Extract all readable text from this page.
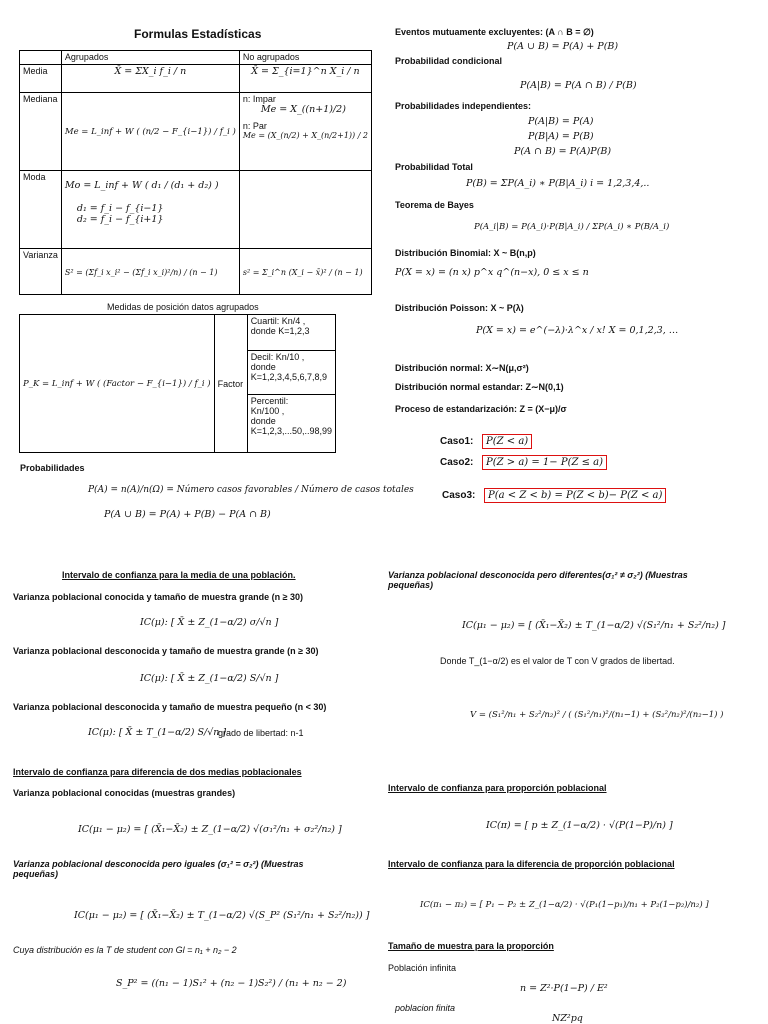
Formulas Estadísticas
	Agrupados	No agrupados
Media	X̄ = ΣX_i f_i / n	X̄ = Σ_{i=1}^n X_i / n
Mediana	Me = L_inf + W ( (n/2 − F_{i−1}) / f_i )	n: Impar
Me = X_((n+1)/2)
n: Par
Me = (X_(n/2) + X_(n/2+1)) / 2

Moda	Mo = L_inf + W ( d₁ / (d₁ + d₂) )
d₁ = f_i − f_{i−1}
d₂ = f_i − f_{i+1}	

Varianza	S² = (Σf_i x_i² − (Σf_i x_i)²/n) / (n − 1)	s² = Σ_i^n (X_i − x̄)² / (n − 1)
Medidas de posición datos agrupados
P_K = L_inf + W ( (Factor − F_{i−1}) / f_i )	Factor	
Cuartil: Kn/4 ,
donde K=1,2,3

Decil: Kn/10 ,
donde
K=1,2,3,4,5,6,7,8,9

Percentil:
Kn/100 ,
donde
K=1,2,3,...50,..98,99
Probabilidades
P(A) = n(A)/n(Ω) = Número casos favorables / Número de casos totales
P(A ∪ B) = P(A) + P(B) − P(A ∩ B)
Eventos mutuamente excluyentes: (A ∩ B = ∅)
P(A ∪ B) = P(A) + P(B)
Probabilidad condicional
P(A|B) = P(A ∩ B) / P(B)
Probabilidades independientes:
P(A|B) = P(A)
P(B|A) = P(B)
P(A ∩ B) = P(A)P(B)
Probabilidad Total
P(B) = ΣP(A_i) ∗ P(B|A_i) i = 1,2,3,4,..
Teorema de Bayes
P(A_i|B) = P(A_i)·P(B|A_i) / ΣP(A_i) ∗ P(B/A_i)
Distribución Binomial: X ~ B(n,p)
P(X = x) = (n x) p^x q^(n−x), 0 ≤ x ≤ n
Distribución Poisson: X ~ P(λ)
P(X = x) = e^(−λ)·λ^x / x! X = 0,1,2,3, …
Distribución normal: X∼N(μ,σ²)
Distribución normal estandar: Z∼N(0,1)
Proceso de estandarización: Z = (X−μ)/σ
Caso1:	P(Z < a)
Caso2:	P(Z > a) = 1− P(Z ≤ a)
Caso3:	P(a < Z < b) = P(Z < b)− P(Z < a)
Intervalo de confianza para la media de una población.
Varianza poblacional conocida y tamaño de muestra grande (n ≥ 30)
IC(μ): [ X̄ ± Z_(1−α/2) σ/√n ]
Varianza poblacional desconocida y tamaño de muestra grande (n ≥ 30)
IC(μ): [ X̄ ± Z_(1−α/2) S/√n ]
Varianza poblacional desconocida y tamaño de muestra pequeño (n < 30)
IC(μ): [ X̄ ± T_(1−α/2) S/√n ]
grado de libertad: n-1
Intervalo de confianza para diferencia de dos medias poblacionales
Varianza poblacional conocidas (muestras grandes)
IC(μ₁ − μ₂) = [ (X̄₁−X̄₂) ± Z_(1−α/2) √(σ₁²/n₁ + σ₂²/n₂) ]
Varianza poblacional desconocida pero iguales (σ₁² = σ₂²) (Muestras pequeñas)
IC(μ₁ − μ₂) = [ (X̄₁−X̄₂) ± T_(1−α/2) √(S_P² (S₁²/n₁ + S₂²/n₂)) ]
Cuya distribución es la T de student con Gl = n₁ + n₂ − 2
S_P² = ((n₁ − 1)S₁² + (n₂ − 1)S₂²) / (n₁ + n₂ − 2)
Varianza poblacional desconocida pero diferentes(σ₁² ≠ σ₂²) (Muestras pequeñas)
IC(μ₁ − μ₂) = [ (X̄₁−X̄₂) ± T_(1−α/2) √(S₁²/n₁ + S₂²/n₂) ]
Donde T_(1−α/2) es el valor de T con V grados de libertad.
V = (S₁²/n₁ + S₂²/n₂)² / ( (S₁²/n₁)²/(n₁−1) + (S₂²/n₂)²/(n₂−1) )
Intervalo de confianza para proporción poblacional
IC(π) = [ p ± Z_(1−α/2) · √(P(1−P)/n) ]
Intervalo de confianza para la diferencia de proporción poblacional
IC(π₁ − π₂) = [ P₁ − P₂ ± Z_(1−α/2) · √(P₁(1−p₁)/n₁ + P₂(1−p₂)/n₂) ]
Tamaño de muestra para la proporción
Población infinita
n = Z²·P(1−P) / E²
poblacion finita
NZ²pq
